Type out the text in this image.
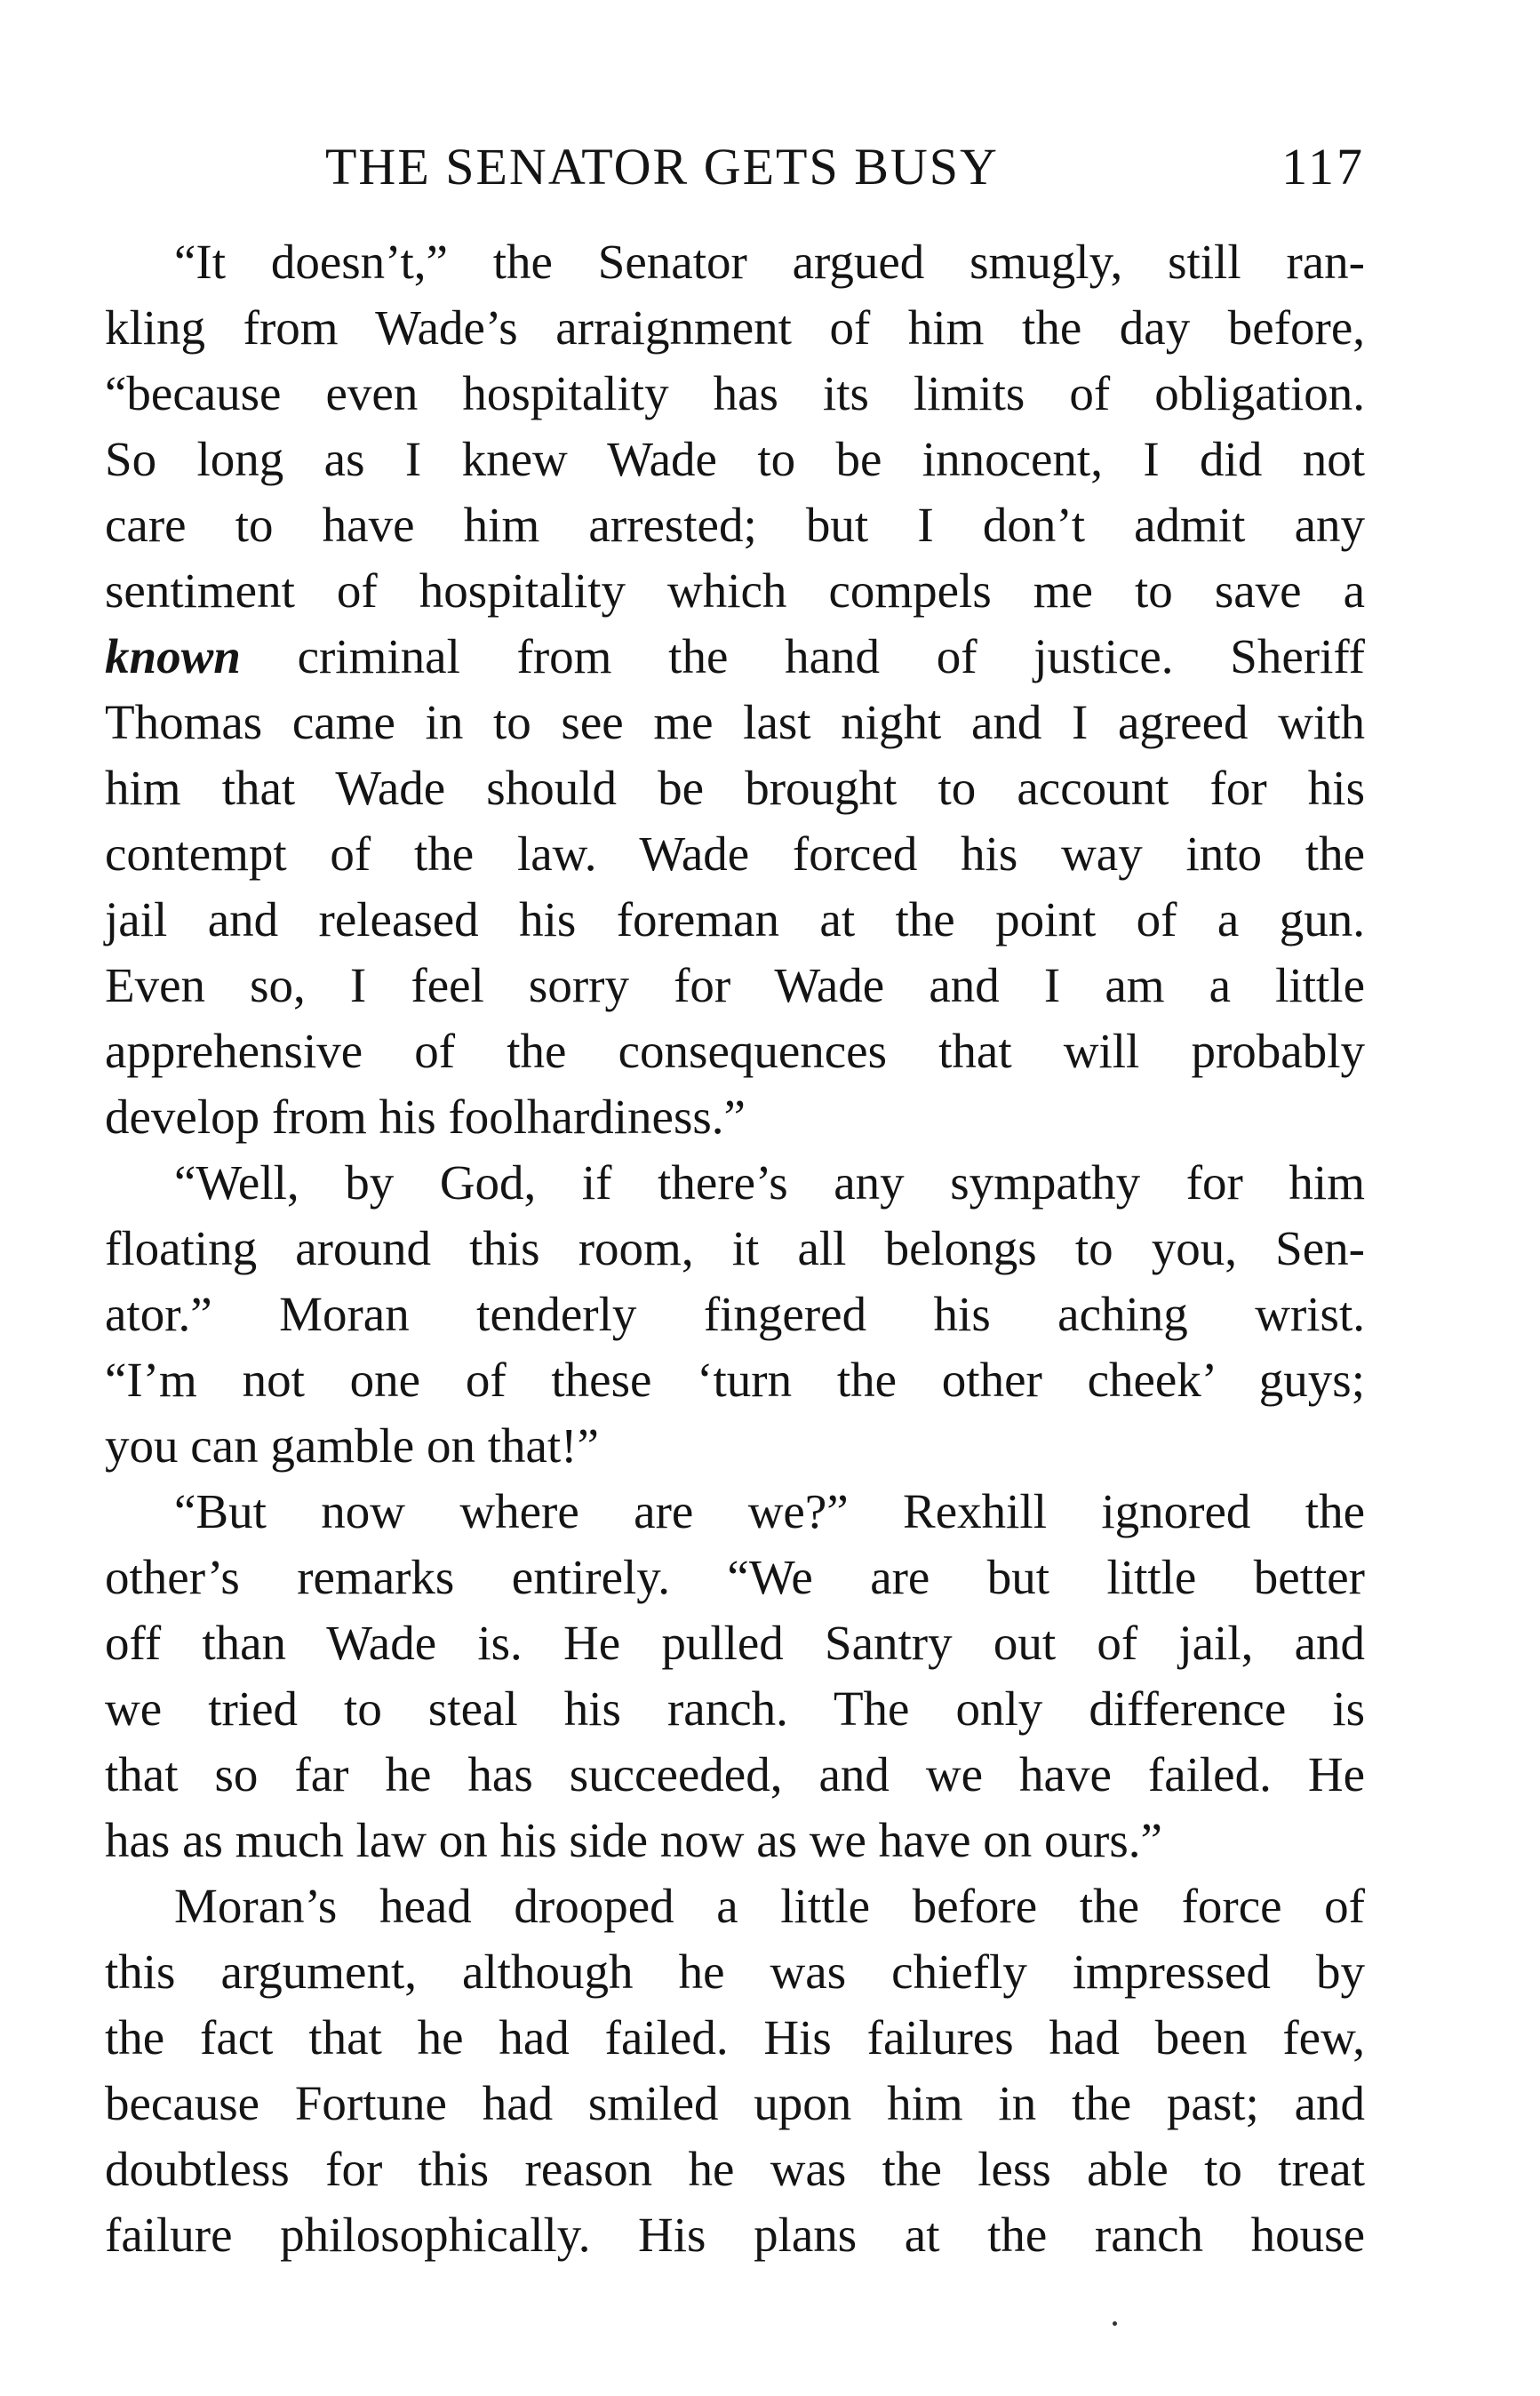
THE SENATOR GETS BUSY	117
“It doesn’t,” the Senator argued smugly, still ran-
kling from Wade’s arraignment of him the day before,
“because even hospitality has its limits of obligation.
So long as I knew Wade to be innocent, I did not
care to have him arrested; but I don’t admit any
sentiment of hospitality which compels me to save a
known criminal from the hand of justice. Sheriff
Thomas came in to see me last night and I agreed with
him that Wade should be brought to account for his
contempt of the law. Wade forced his way into the
jail and released his foreman at the point of a gun.
Even so, I feel sorry for Wade and I am a little
apprehensive of the consequences that will probably
develop from his foolhardiness.”
“Well, by God, if there’s any sympathy for him
floating around this room, it all belongs to you, Sen-
ator.” Moran tenderly fingered his aching wrist.
“I’m not one of these ‘turn the other cheek’ guys;
you can gamble on that!”
“But now where are we?” Rexhill ignored the
other’s remarks entirely. “We are but little better
off than Wade is. He pulled Santry out of jail, and
we tried to steal his ranch. The only difference is
that so far he has succeeded, and we have failed. He
has as much law on his side now as we have on ours.”
Moran’s head drooped a little before the force of
this argument, although he was chiefly impressed by
the fact that he had failed. His failures had been few,
because Fortune had smiled upon him in the past; and
doubtless for this reason he was the less able to treat
failure philosophically. His plans at the ranch house
